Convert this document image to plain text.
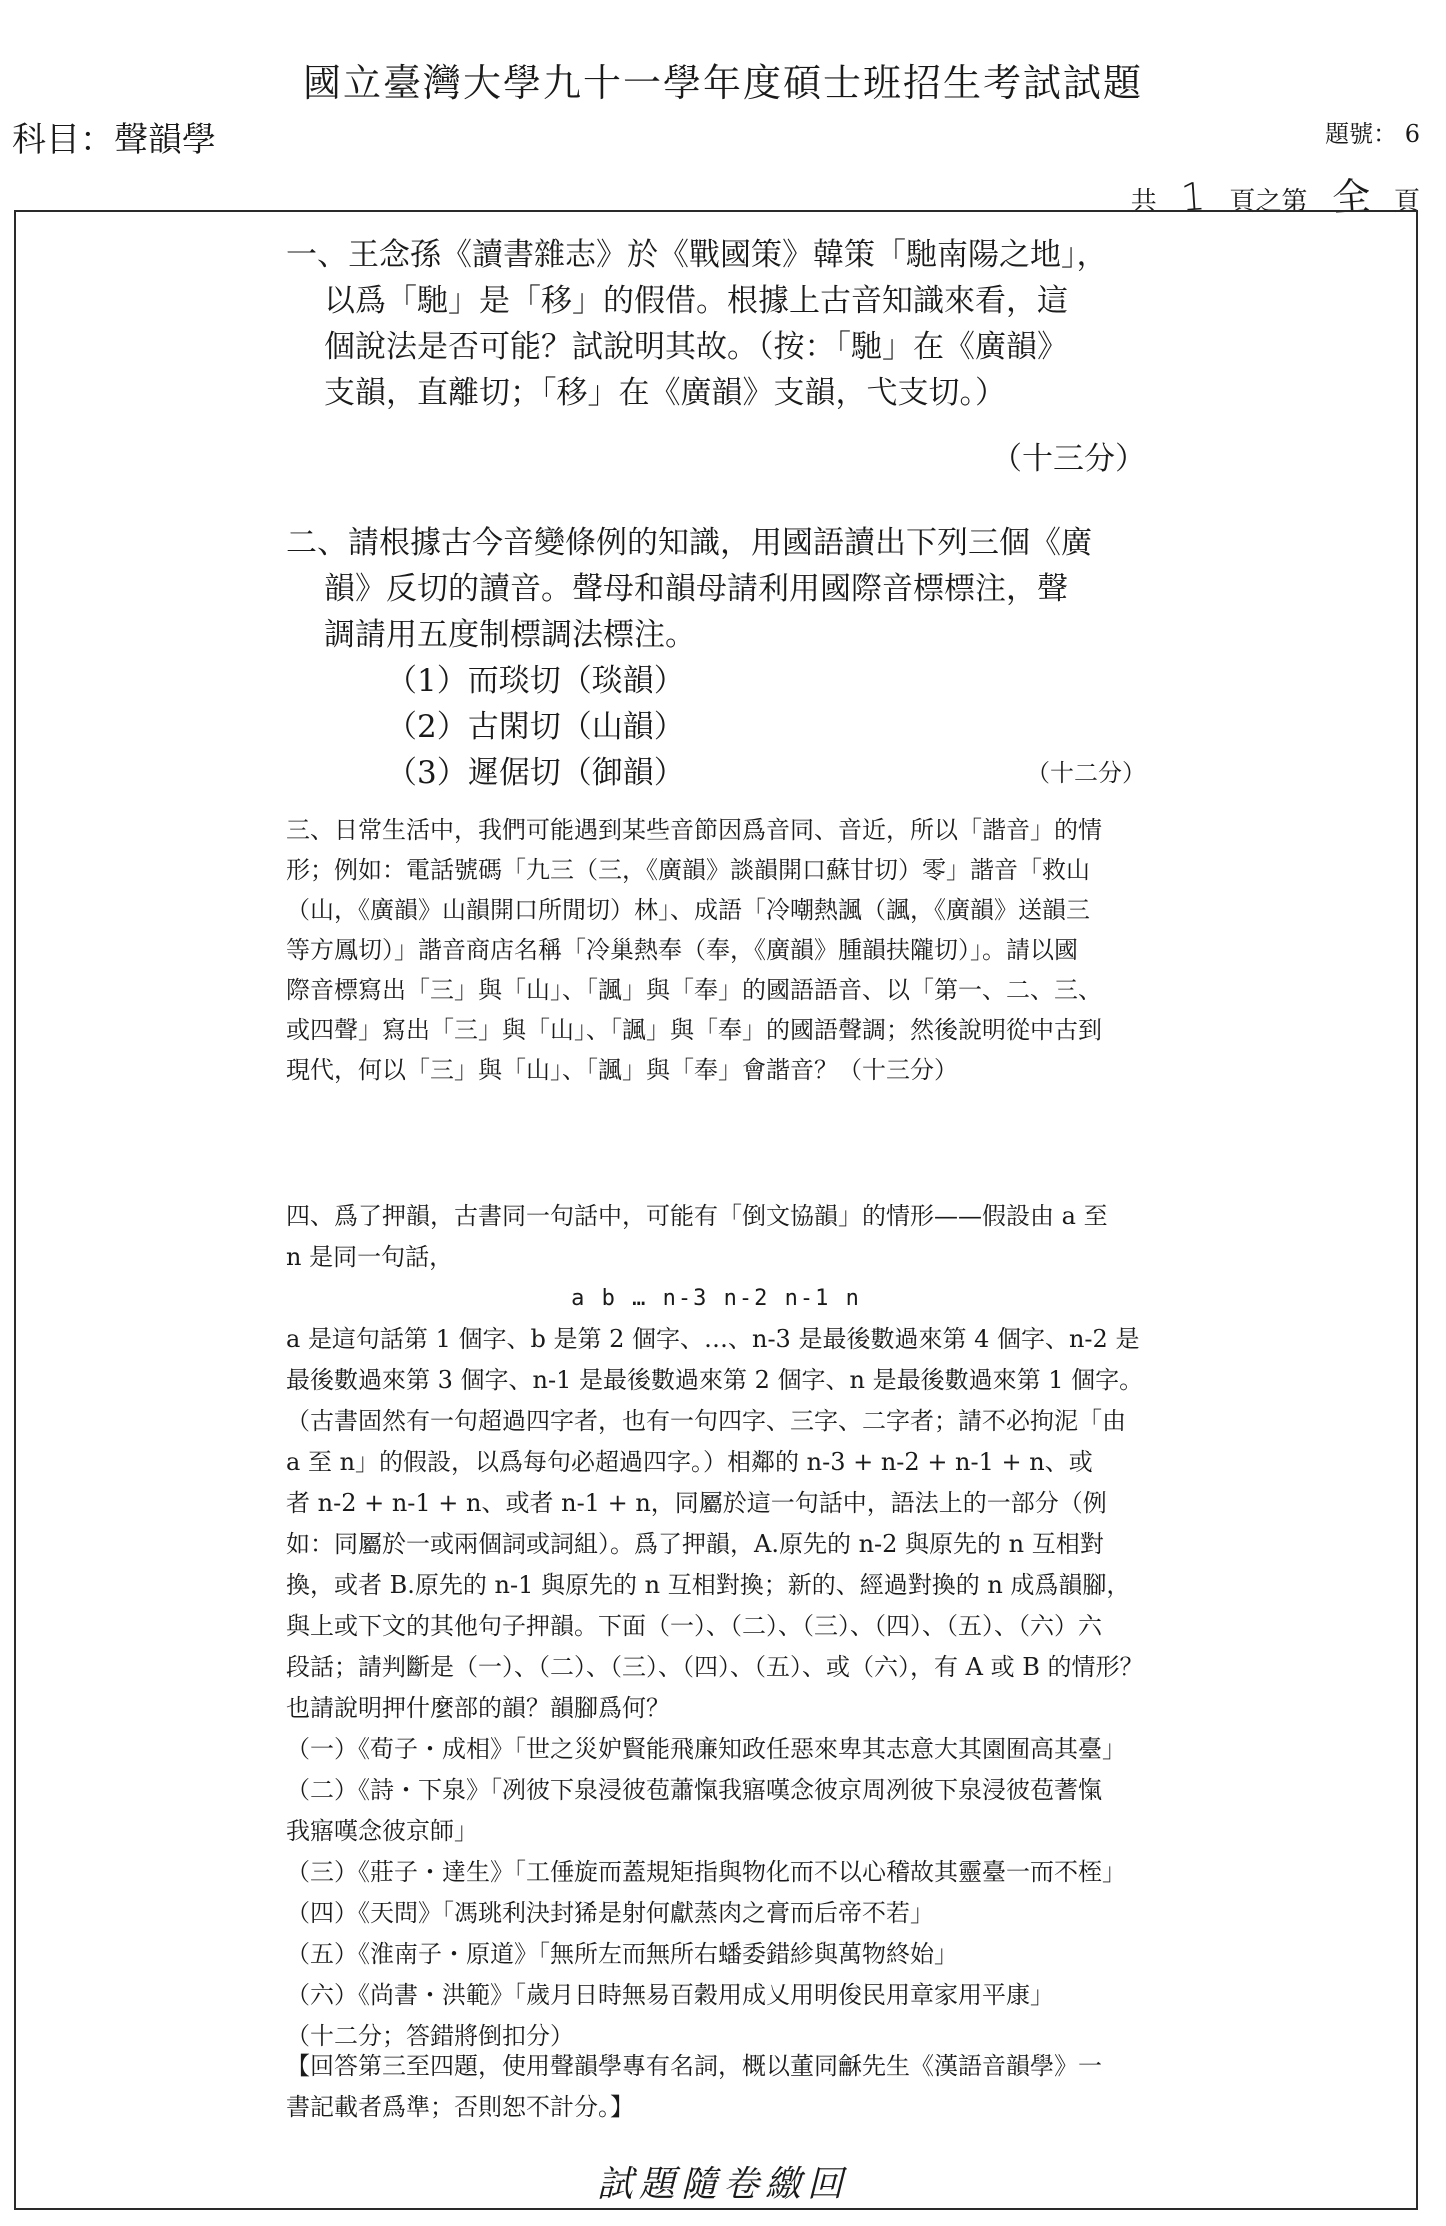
國立臺灣大學九十一學年度碩士班招生考試試題
科目：聲韻學	題號： 6
共 1 頁之第 全 頁

一、王念孫《讀書雜志》於《戰國策》韓策「馳南陽之地」，

以爲「馳」是「移」的假借。根據上古音知識來看，這

個說法是否可能？試說明其故。（按：「馳」在《廣韻》

支韻，直離切；「移」在《廣韻》支韻，弋支切。）

（十三分）

二、請根據古今音變條例的知識，用國語讀出下列三個《廣

韻》反切的讀音。聲母和韻母請利用國際音標標注，聲

調請用五度制標調法標注。

（1）而琰切（琰韻）

（2）古閑切（山韻）

（3）遲倨切（御韻）	（十二分）

三、日常生活中，我們可能遇到某些音節因爲音同、音近，所以「諧音」的情

形；例如：電話號碼「九三（三，《廣韻》談韻開口蘇甘切）零」諧音「救山

（山，《廣韻》山韻開口所閒切）林」、成語「冷嘲熱諷（諷，《廣韻》送韻三

等方鳳切）」諧音商店名稱「冷巢熱奉（奉，《廣韻》腫韻扶隴切）」。請以國

際音標寫出「三」與「山」、「諷」與「奉」的國語語音、以「第一、二、三、

或四聲」寫出「三」與「山」、「諷」與「奉」的國語聲調；然後說明從中古到

現代，何以「三」與「山」、「諷」與「奉」會諧音？（十三分）

四、爲了押韻，古書同一句話中，可能有「倒文協韻」的情形——假設由 a 至

n 是同一句話，

a b … n-3 n-2 n-1 n

a 是這句話第 1 個字、b 是第 2 個字、…、n-3 是最後數過來第 4 個字、n-2 是

最後數過來第 3 個字、n-1 是最後數過來第 2 個字、n 是最後數過來第 1 個字。

（古書固然有一句超過四字者，也有一句四字、三字、二字者；請不必拘泥「由

a 至 n」的假設，以爲每句必超過四字。）相鄰的 n-3 + n-2 + n-1 + n、或

者 n-2 + n-1 + n、或者 n-1 + n，同屬於這一句話中，語法上的一部分（例

如：同屬於一或兩個詞或詞組）。爲了押韻，A.原先的 n-2 與原先的 n 互相對

換，或者 B.原先的 n-1 與原先的 n 互相對換；新的、經過對換的 n 成爲韻腳，

與上或下文的其他句子押韻。下面（一）、（二）、（三）、（四）、（五）、（六）六

段話；請判斷是（一）、（二）、（三）、（四）、（五）、或（六），有 A 或 B 的情形？

也請說明押什麼部的韻？韻腳爲何？

（一）《荀子・成相》「世之災妒賢能飛廉知政任惡來卑其志意大其園囿高其臺」

（二）《詩・下泉》「冽彼下泉浸彼苞蕭愾我寤嘆念彼京周冽彼下泉浸彼苞蓍愾

我寤嘆念彼京師」

（三）《莊子・達生》「工倕旋而蓋規矩指與物化而不以心稽故其靈臺一而不桎」

（四）《天問》「馮珧利決封狶是射何獻蒸肉之膏而后帝不若」

（五）《淮南子・原道》「無所左而無所右蟠委錯紾與萬物終始」

（六）《尚書・洪範》「歲月日時無易百穀用成乂用明俊民用章家用平康」

（十二分；答錯將倒扣分）

【回答第三至四題，使用聲韻學專有名詞，概以董同龢先生《漢語音韻學》一

書記載者爲準；否則恕不計分。】

試題隨卷繳回
